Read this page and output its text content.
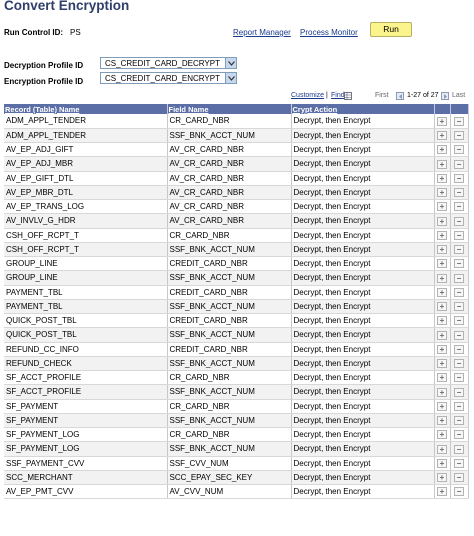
Convert Encryption
Run Control ID: PS	Report Manager Process Monitor	Run
Decryption Profile ID	CS_CREDIT_CARD_DECRYPT
Encryption Profile ID	CS_CREDIT_CARD_ENCRYPT
Customize | Find	First	1-27 of 27 Last
Record (Table) Name	Field Name	Crypt Action		
ADM_APPL_TENDER	CR_CARD_NBR	Decrypt, then Encrypt	+	−
ADM_APPL_TENDER	SSF_BNK_ACCT_NUM	Decrypt, then Encrypt	+	−
AV_EP_ADJ_GIFT	AV_CR_CARD_NBR	Decrypt, then Encrypt	+	−
AV_EP_ADJ_MBR	AV_CR_CARD_NBR	Decrypt, then Encrypt	+	−
AV_EP_GIFT_DTL	AV_CR_CARD_NBR	Decrypt, then Encrypt	+	−
AV_EP_MBR_DTL	AV_CR_CARD_NBR	Decrypt, then Encrypt	+	−
AV_EP_TRANS_LOG	AV_CR_CARD_NBR	Decrypt, then Encrypt	+	−
AV_INVLV_G_HDR	AV_CR_CARD_NBR	Decrypt, then Encrypt	+	−
CSH_OFF_RCPT_T	CR_CARD_NBR	Decrypt, then Encrypt	+	−
CSH_OFF_RCPT_T	SSF_BNK_ACCT_NUM	Decrypt, then Encrypt	+	−
GROUP_LINE	CREDIT_CARD_NBR	Decrypt, then Encrypt	+	−
GROUP_LINE	SSF_BNK_ACCT_NUM	Decrypt, then Encrypt	+	−
PAYMENT_TBL	CREDIT_CARD_NBR	Decrypt, then Encrypt	+	−
PAYMENT_TBL	SSF_BNK_ACCT_NUM	Decrypt, then Encrypt	+	−
QUICK_POST_TBL	CREDIT_CARD_NBR	Decrypt, then Encrypt	+	−
QUICK_POST_TBL	SSF_BNK_ACCT_NUM	Decrypt, then Encrypt	+	−
REFUND_CC_INFO	CREDIT_CARD_NBR	Decrypt, then Encrypt	+	−
REFUND_CHECK	SSF_BNK_ACCT_NUM	Decrypt, then Encrypt	+	−
SF_ACCT_PROFILE	CR_CARD_NBR	Decrypt, then Encrypt	+	−
SF_ACCT_PROFILE	SSF_BNK_ACCT_NUM	Decrypt, then Encrypt	+	−
SF_PAYMENT	CR_CARD_NBR	Decrypt, then Encrypt	+	−
SF_PAYMENT	SSF_BNK_ACCT_NUM	Decrypt, then Encrypt	+	−
SF_PAYMENT_LOG	CR_CARD_NBR	Decrypt, then Encrypt	+	−
SF_PAYMENT_LOG	SSF_BNK_ACCT_NUM	Decrypt, then Encrypt	+	−
SSF_PAYMENT_CVV	SSF_CVV_NUM	Decrypt, then Encrypt	+	−
SCC_MERCHANT	SCC_EPAY_SEC_KEY	Decrypt, then Encrypt	+	−
AV_EP_PMT_CVV	AV_CVV_NUM	Decrypt, then Encrypt	+	−
